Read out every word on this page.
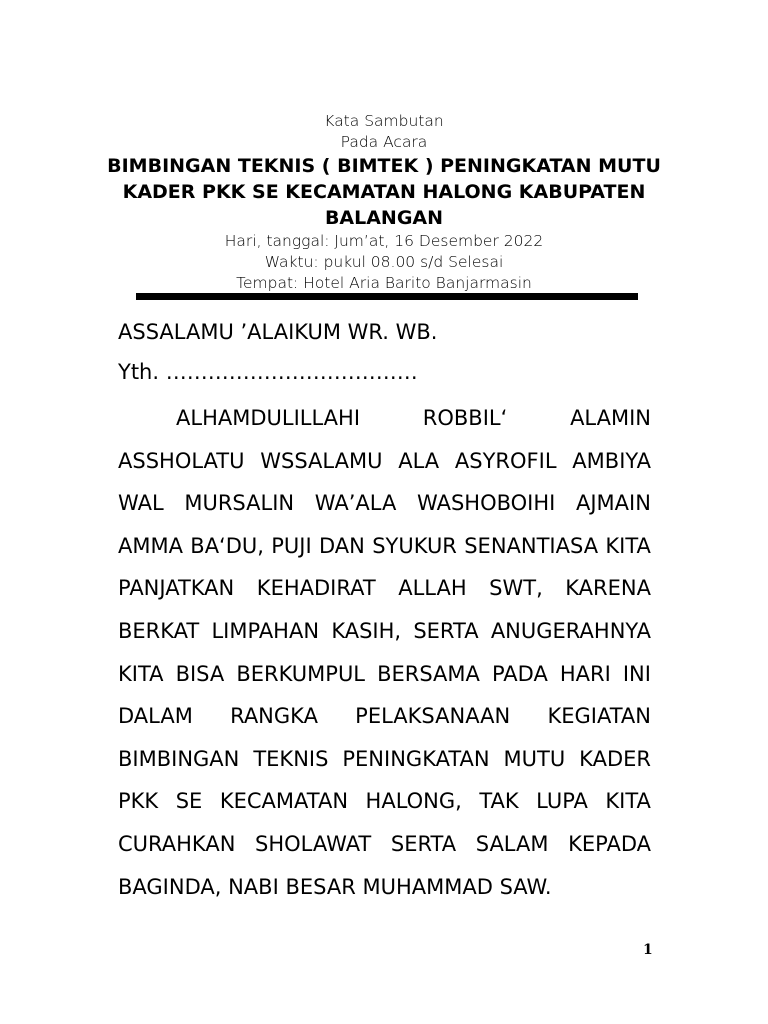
Kata Sambutan
Pada Acara
BIMBINGAN TEKNIS ( BIMTEK ) PENINGKATAN MUTU
KADER PKK SE KECAMATAN HALONG KABUPATEN
BALANGAN
Hari, tanggal: Jum’at, 16 Desember 2022
Waktu: pukul 08.00 s/d Selesai
Tempat: Hotel Aria Barito Banjarmasin
ASSALAMU ’ALAIKUM WR. WB.
Yth. ………………………………
ALHAMDULILLAHI	ROBBIL‘	ALAMIN
ASSHOLATU WSSALAMU ALA ASYROFIL AMBIYA
WAL MURSALIN WA’ALA WASHOBOIHI AJMAIN
AMMA BA‘DU, PUJI DAN SYUKUR SENANTIASA KITA
PANJATKAN KEHADIRAT ALLAH SWT, KARENA
BERKAT LIMPAHAN KASIH, SERTA ANUGERAHNYA
KITA BISA BERKUMPUL BERSAMA PADA HARI INI
DALAM RANGKA PELAKSANAAN KEGIATAN
BIMBINGAN TEKNIS PENINGKATAN MUTU KADER
PKK SE KECAMATAN HALONG, TAK LUPA KITA
CURAHKAN SHOLAWAT SERTA SALAM KEPADA
BAGINDA, NABI BESAR MUHAMMAD SAW.
1
